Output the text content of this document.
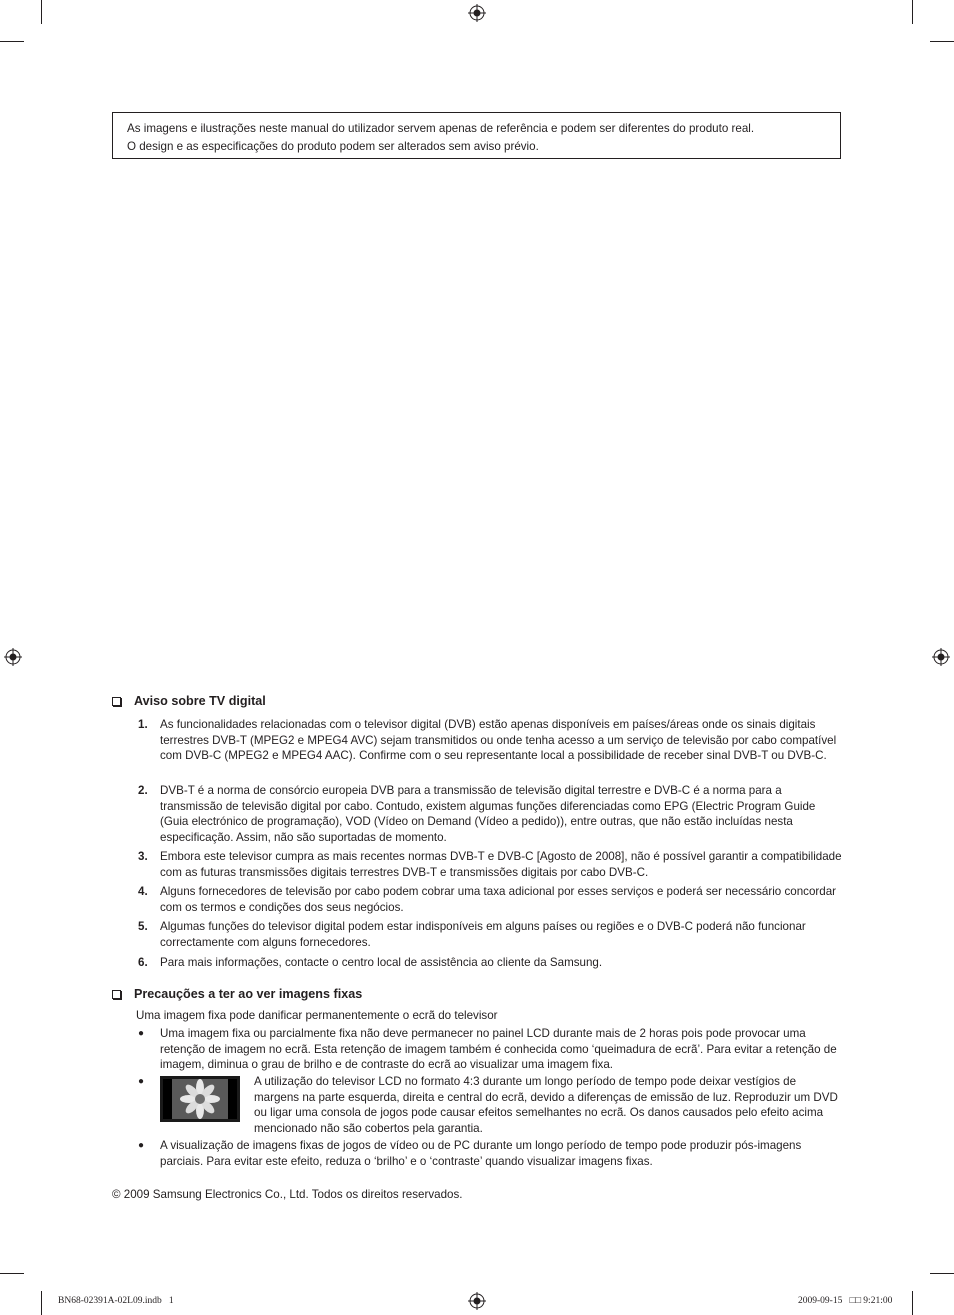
As imagens e ilustrações neste manual do utilizador servem apenas de referência e podem ser diferentes do produto real.
O design e as especificações do produto podem ser alterados sem aviso prévio.
Aviso sobre TV digital
1. As funcionalidades relacionadas com o televisor digital (DVB) estão apenas disponíveis em países/áreas onde os sinais digitais terrestres DVB-T (MPEG2 e MPEG4 AVC) sejam transmitidos ou onde tenha acesso a um serviço de televisão por cabo compatível com DVB-C (MPEG2 e MPEG4 AAC). Confirme com o seu representante local a possibilidade de receber sinal DVB-T ou DVB-C.
2. DVB-T é a norma de consórcio europeia DVB para a transmissão de televisão digital terrestre e DVB-C é a norma para a transmissão de televisão digital por cabo. Contudo, existem algumas funções diferenciadas como EPG (Electric Program Guide (Guia electrónico de programação), VOD (Vídeo on Demand (Vídeo a pedido)), entre outras, que não estão incluídas nesta especificação. Assim, não são suportadas de momento.
3. Embora este televisor cumpra as mais recentes normas DVB-T e DVB-C [Agosto de 2008], não é possível garantir a compatibilidade com as futuras transmissões digitais terrestres DVB-T e transmissões digitais por cabo DVB-C.
4. Alguns fornecedores de televisão por cabo podem cobrar uma taxa adicional por esses serviços e poderá ser necessário concordar com os termos e condições dos seus negócios.
5. Algumas funções do televisor digital podem estar indisponíveis em alguns países ou regiões e o DVB-C poderá não funcionar correctamente com alguns fornecedores.
6. Para mais informações, contacte o centro local de assistência ao cliente da Samsung.
Precauções a ter ao ver imagens fixas
Uma imagem fixa pode danificar permanentemente o ecrã do televisor
● Uma imagem fixa ou parcialmente fixa não deve permanecer no painel LCD durante mais de 2 horas pois pode provocar uma retenção de imagem no ecrã. Esta retenção de imagem também é conhecida como ‘queimadura de ecrã’. Para evitar a retenção de imagem, diminua o grau de brilho e de contraste do ecrã ao visualizar uma imagem fixa.
●	A utilização do televisor LCD no formato 4:3 durante um longo período de tempo pode deixar vestígios de margens na parte esquerda, direita e central do ecrã, devido a diferenças de emissão de luz. Reproduzir um DVD ou ligar uma consola de jogos pode causar efeitos semelhantes no ecrã. Os danos causados pelo efeito acima mencionado não são cobertos pela garantia.
● A visualização de imagens fixas de jogos de vídeo ou de PC durante um longo período de tempo pode produzir pós-imagens parciais. Para evitar este efeito, reduza o ‘brilho’ e o ‘contraste’ quando visualizar imagens fixas.
© 2009 Samsung Electronics Co., Ltd. Todos os direitos reservados.
BN68-02391A-02L09.indb   1	2009-09-15   □□ 9:21:00
